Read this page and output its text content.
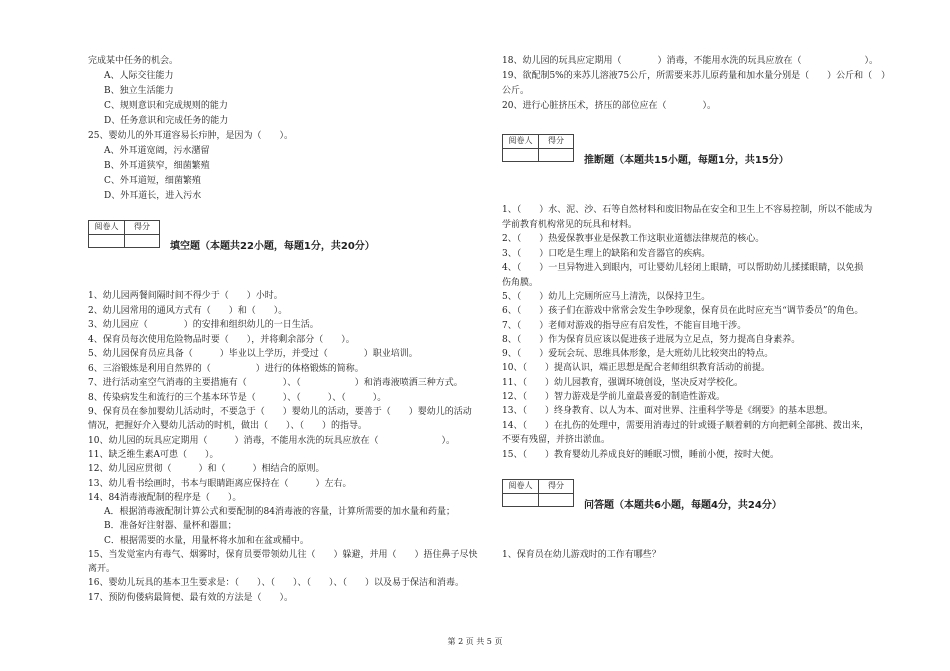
完成某中任务的机会。
A、人际交往能力
B、独立生活能力
C、规则意识和完成规则的能力
D、任务意识和完成任务的能力
25、婴幼儿的外耳道容易长疖肿，是因为（　　）。
A、外耳道宽阔，污水潴留
B、外耳道狭窄，细菌繁殖
C、外耳道短，细菌繁殖
D、外耳道长，进入污水
阅卷人	得分
填空题（本题共22小题，每题1分，共20分）
1、幼儿园两餐间隔时间不得少于（　　）小时。
2、幼儿园常用的通风方式有（　　）和（　　）。
3、幼儿园应（　　　　）的安排和组织幼儿的一日生活。
4、保育员每次使用危险物品时要（　　），并将剩余部分（　　）。
5、幼儿园保育员应具备（　　　）毕业以上学历，并受过（　　　　）职业培训。
6、三浴锻炼是利用自然界的（　　　　　）进行的体格锻炼的简称。
7、进行活动室空气消毒的主要措施有（　　　　）、（　　　　　　）和消毒液喷洒三种方式。
8、传染病发生和流行的三个基本环节是（　　　）、（　　　）、（　　　）。
9、保育员在参加婴幼儿活动时，不要急于（　　）婴幼儿的活动，要善于（　　）婴幼儿的活动
情况，把握好介入婴幼儿活动的时机，做出（　　）、（　　）的指导。
10、幼儿园的玩具应定期用（　　　）消毒，不能用水洗的玩具应放在（　　　　　　　）。
11、缺乏维生素A可患（　　）。
12、幼儿园应贯彻（　　　）和（　　　）相结合的原则。
13、幼儿看书绘画时，书本与眼睛距离应保持在（　　　）左右。
14、84消毒液配制的程序是（　　）。
A．根据消毒液配制计算公式和要配制的84消毒液的容量，计算所需要的加水量和药量；
B．准备好注射器、量杯和器皿；
C．根据需要的水量，用量杯将水加和在盆或桶中。
15、当发觉室内有毒气、烟雾时，保育员要带领幼儿往（　　）躲避，并用（　　）捂住鼻子尽快
离开。
16、婴幼儿玩具的基本卫生要求是：（　　）、（　　）、（　　）、（　　）以及易于保洁和消毒。
17、预防佝偻病最简便、最有效的方法是（　　）。
18、幼儿园的玩具应定期用（　　　　）消毒，不能用水洗的玩具应放在（　　　　　　　）。
19、欲配制5%的来苏儿溶液75公斤，所需要来苏儿原药量和加水量分别是（　　）公斤和（　）
公斤。
20、进行心脏挤压术，挤压的部位应在（　　　　）。
阅卷人	得分
推断题（本题共15小题，每题1分，共15分）
1、（　　）水、泥、沙、石等自然材料和废旧物品在安全和卫生上不容易控制，所以不能成为
学前教育机构常见的玩具和材料。
2、（　　）热爱保教事业是保教工作这职业道德法律规范的核心。
3、（　　）口吃是生理上的缺陷和发音器官的疾病。
4、（　　）一旦异物进入到眼内，可让婴幼儿轻闭上眼睛，可以帮助幼儿揉揉眼睛，以免损
伤角膜。
5、（　　）幼儿上完厕所应马上清洗，以保持卫生。
6、（　　）孩子们在游戏中常常会发生争吵现象，保育员在此时应充当“调节委员”的角色。
7、（　　）老师对游戏的指导应有启发性，不能盲目地干涉。
8、（　　）作为保育员应该以促进孩子进展为立足点，努力提高自身素养。
9、（　　）爱玩会玩、思维具体形象，是大班幼儿比较突出的特点。
10、（　　）提高认识，端正思想是配合老师组织教育活动的前提。
11、（　　）幼儿园教育，强调环境创设，坚决反对学校化。
12、（　　）智力游戏是学前儿童最喜爱的制造性游戏。
13、（　　）终身教育、以人为本、面对世界、注重科学等是《纲要》的基本思想。
14、（　　）在扎伤的处理中，需要用消毒过的针或镊子顺着刺的方向把刺全部挑、拨出来，
不要有残留，并挤出淤血。
15、（　　）教育婴幼儿养成良好的睡眠习惯，睡前小便，按时大便。
阅卷人	得分
问答题（本题共6小题，每题4分，共24分）
1、保育员在幼儿游戏时的工作有哪些？
第 2 页 共 5 页
